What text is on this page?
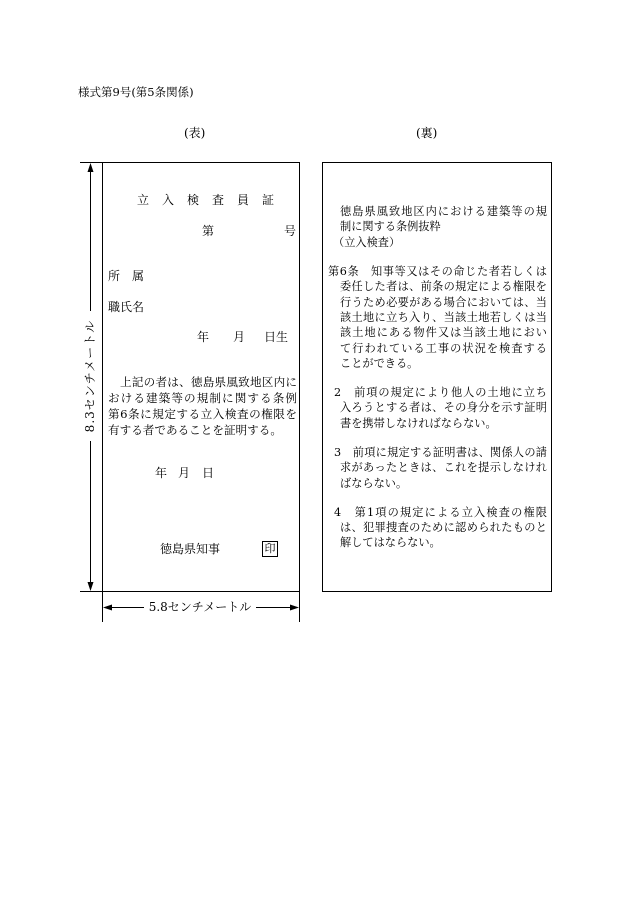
様式第9号(第5条関係)
(表)	(裏)
立　入　検　査　員　証
第	号
所　属
職氏名
年 月 日生
上記の者は、徳島県風致地区内に
おける建築等の規制に関する条例
第6条に規定する立入検査の権限を
有する者であることを証明する。
年 月 日
徳島県知事	印
8.3センチメートル
5.8センチメートル
徳島県風致地区内における建築等の規
制に関する条例抜粋
（立入検査）
第6条　知事等又はその命じた者若しくは
委任した者は、前条の規定による権限を
行うため必要がある場合においては、当
該土地に立ち入り、当該土地若しくは当
該土地にある物件又は当該土地におい
て行われている工事の状況を検査する
ことができる。
2　前項の規定により他人の土地に立ち
入ろうとする者は、その身分を示す証明
書を携帯しなければならない。
3　前項に規定する証明書は、関係人の請
求があったときは、これを提示しなけれ
ばならない。
4　第1項の規定による立入検査の権限
は、犯罪捜査のために認められたものと
解してはならない。
